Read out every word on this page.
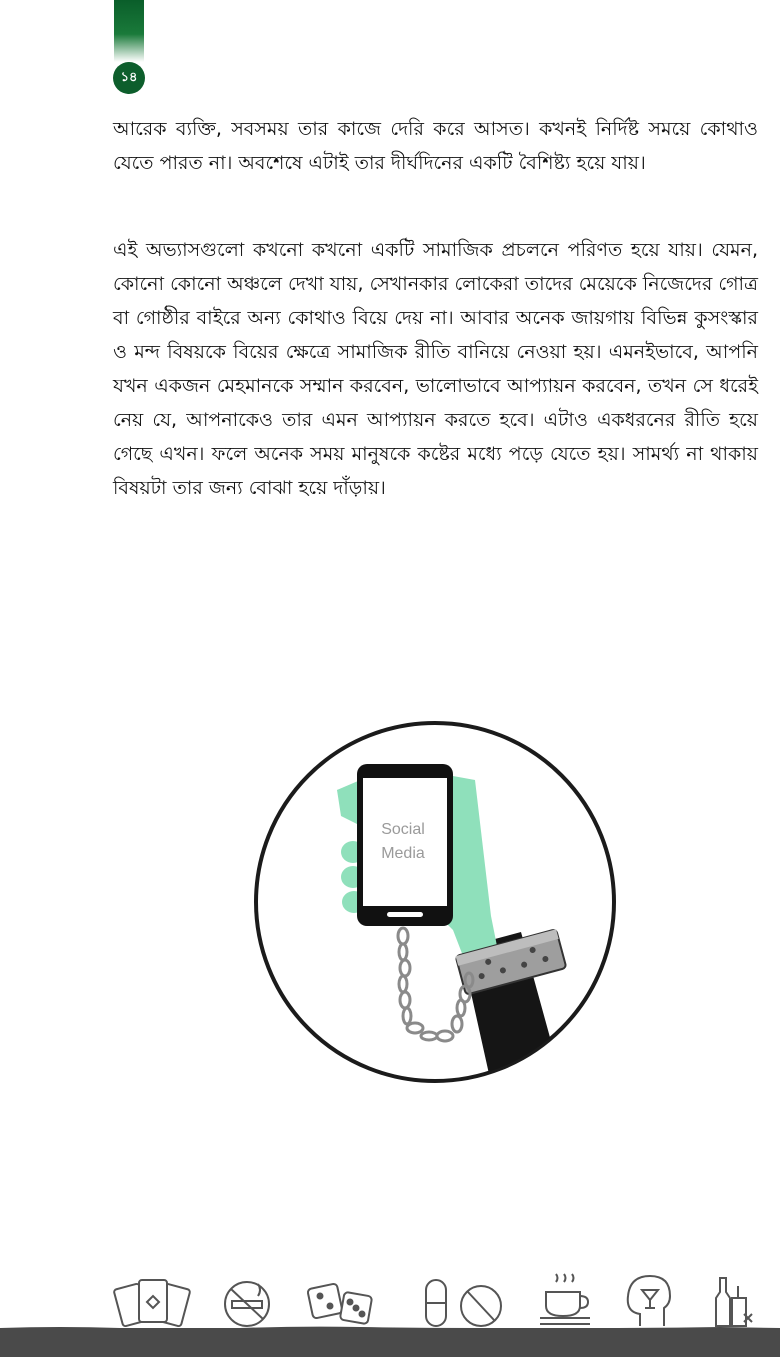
১৪

আরেক ব্যক্তি, সবসময় তার কাজে দেরি করে আসত। কখনই নির্দিষ্ট সময়ে কোথাও যেতে পারত না। অবশেষে এটাই তার দীর্ঘদিনের একটি বৈশিষ্ট্য হয়ে যায়।

এই অভ্যাসগুলো কখনো কখনো একটি সামাজিক প্রচলনে পরিণত হয়ে যায়। যেমন, কোনো কোনো অঞ্চলে দেখা যায়, সেখানকার লোকেরা তাদের মেয়েকে নিজেদের গোত্র বা গোষ্ঠীর বাইরে অন্য কোথাও বিয়ে দেয় না। আবার অনেক জায়গায় বিভিন্ন কুসংস্কার ও মন্দ বিষয়কে বিয়ের ক্ষেত্রে সামাজিক রীতি বানিয়ে নেওয়া হয়। এমনইভাবে, আপনি যখন একজন মেহমানকে সম্মান করবেন, ভালোভাবে আপ্যায়ন করবেন, তখন সে ধরেই নেয় যে, আপনাকেও তার এমন আপ্যায়ন করতে হবে। এটাও একধরনের রীতি হয়ে গেছে এখন। ফলে অনেক সময় মানুষকে কষ্টের মধ্যে পড়ে যেতে হয়। সামর্থ্য না থাকায় বিষয়টা তার জন্য বোঝা হয়ে দাঁড়ায়।

Social
Media
